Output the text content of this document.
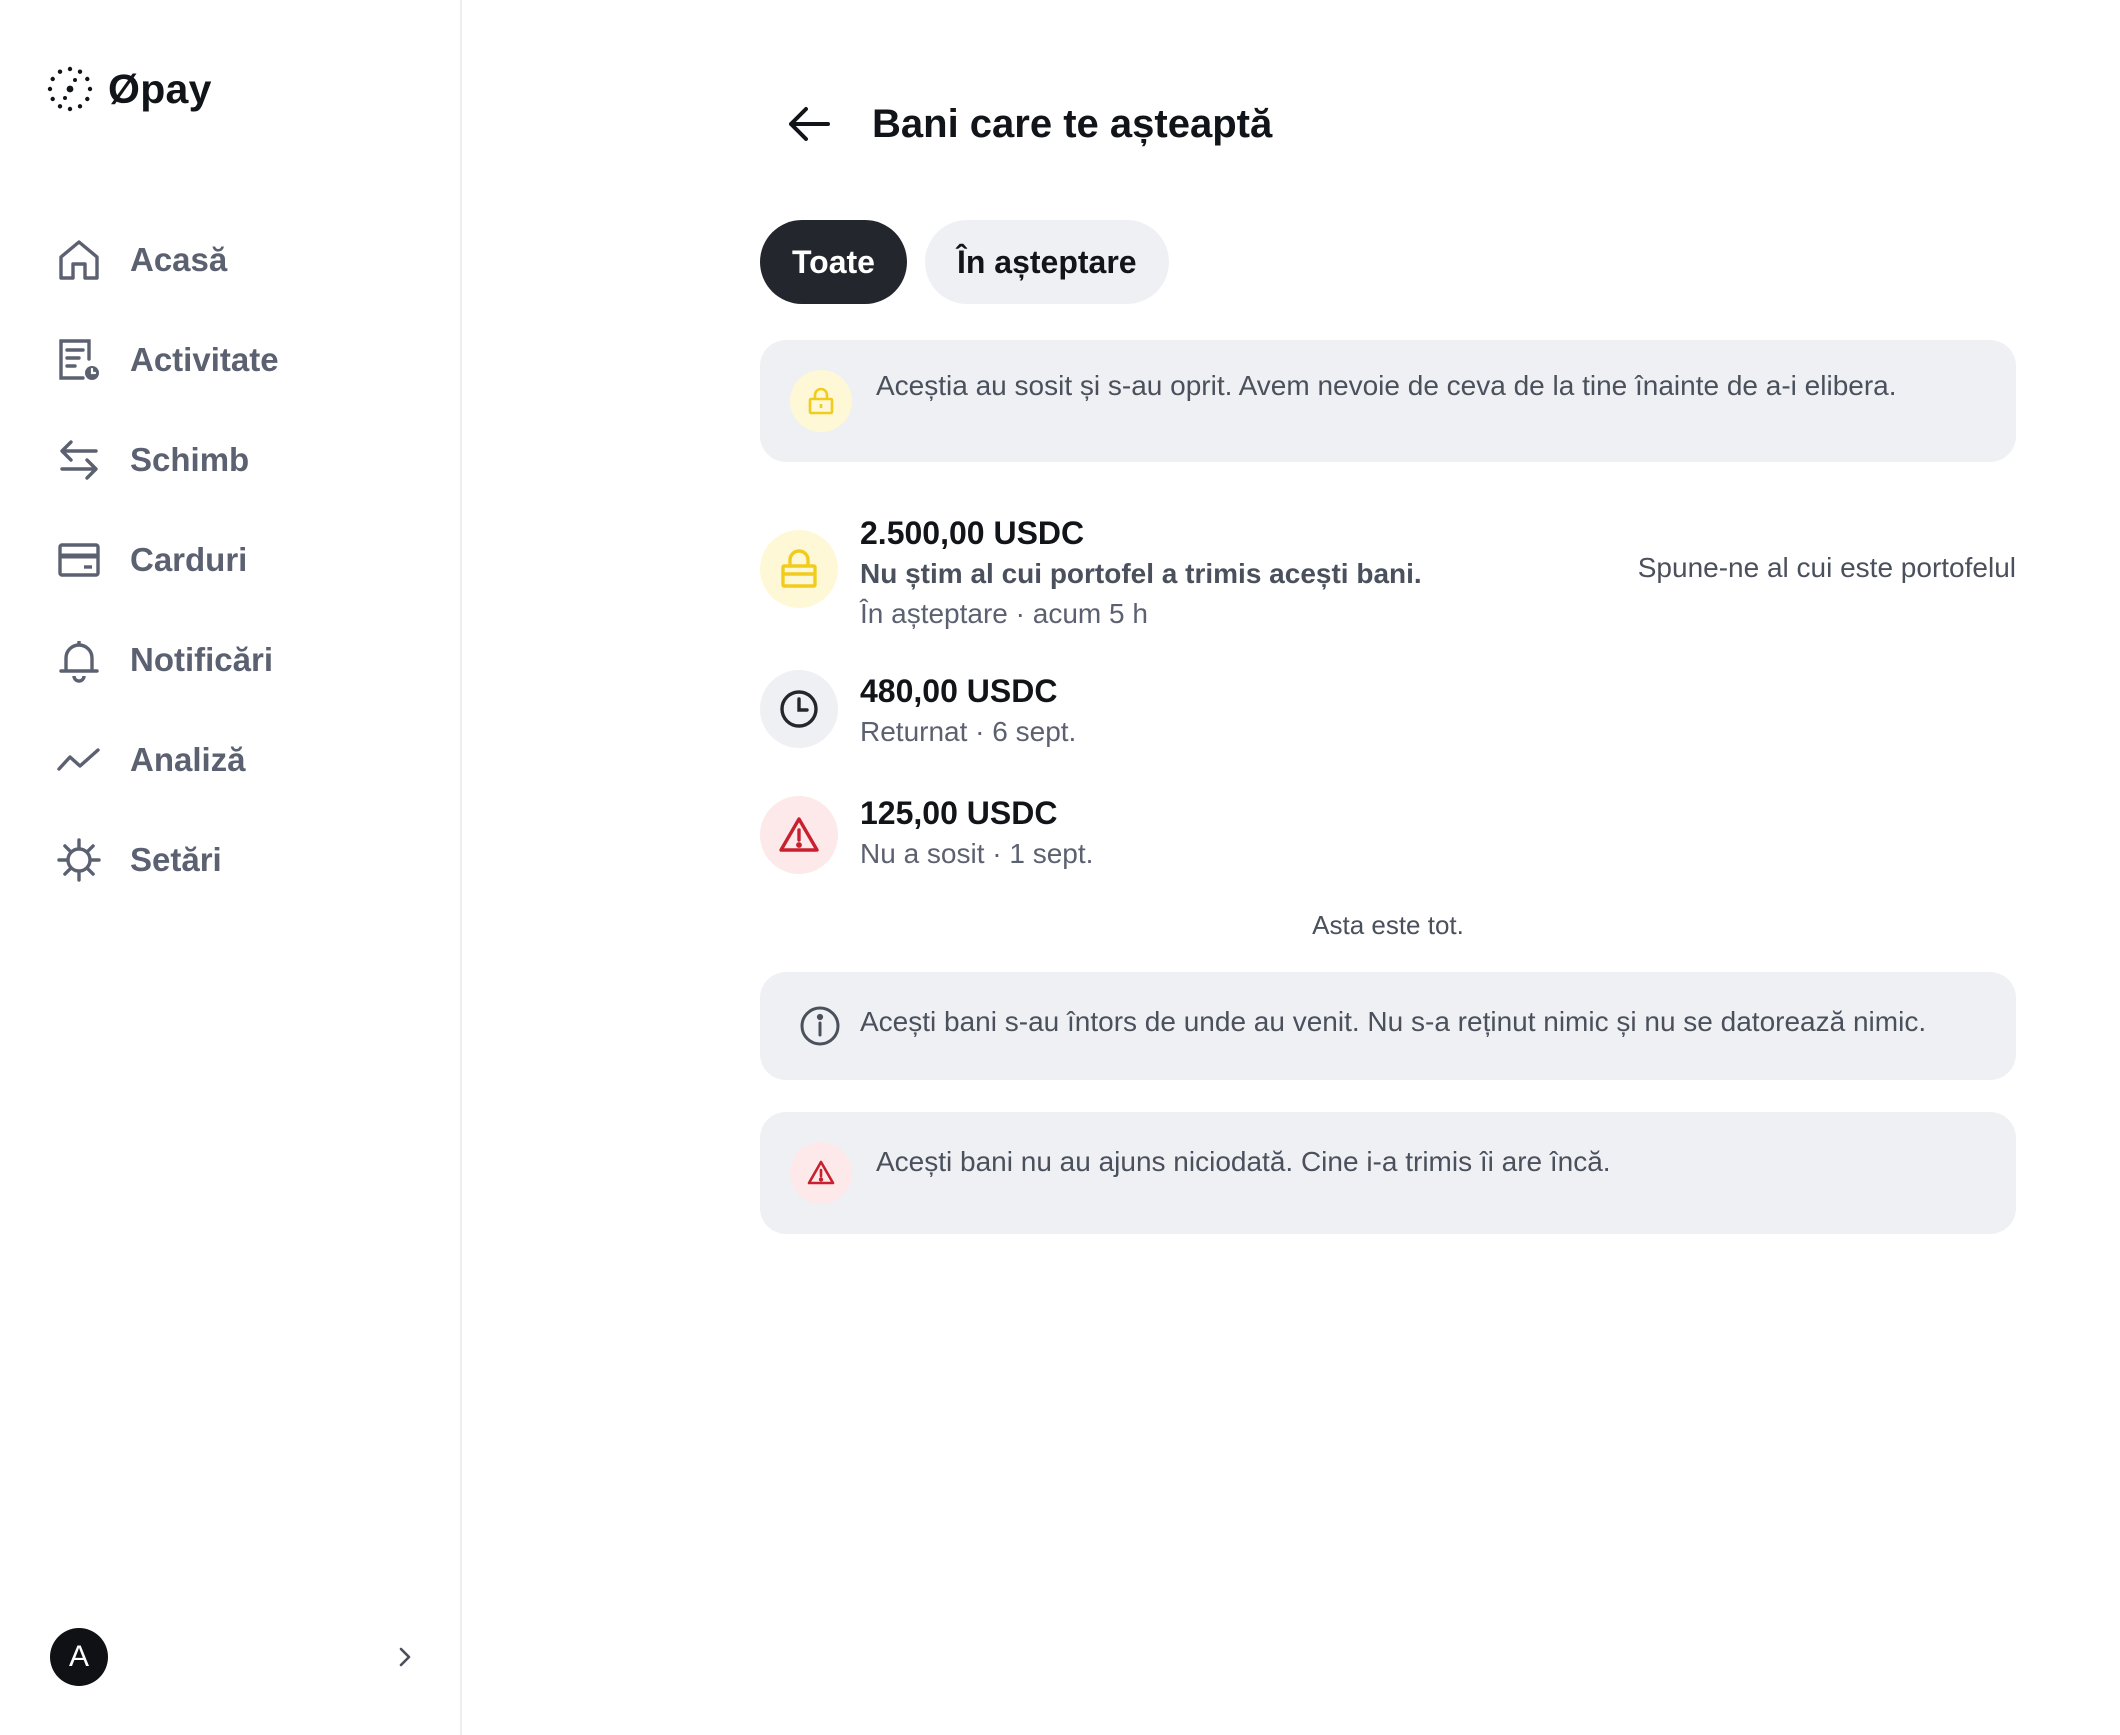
Øpay
Acasă
Activitate
Schimb
Carduri
Notificări
Analiză
Setări
A
Bani care te așteaptă
Toate	În așteptare
Aceștia au sosit și s-au oprit. Avem nevoie de ceva de la tine înainte de a-i elibera.
2.500,00 USDC
Nu știm al cui portofel a trimis acești bani.
În așteptare · acum 5 h
Spune-ne al cui este portofelul
480,00 USDC
Returnat · 6 sept.
125,00 USDC
Nu a sosit · 1 sept.
Asta este tot.
Acești bani s-au întors de unde au venit. Nu s-a reținut nimic și nu se datorează nimic.
Acești bani nu au ajuns niciodată. Cine i-a trimis îi are încă.
